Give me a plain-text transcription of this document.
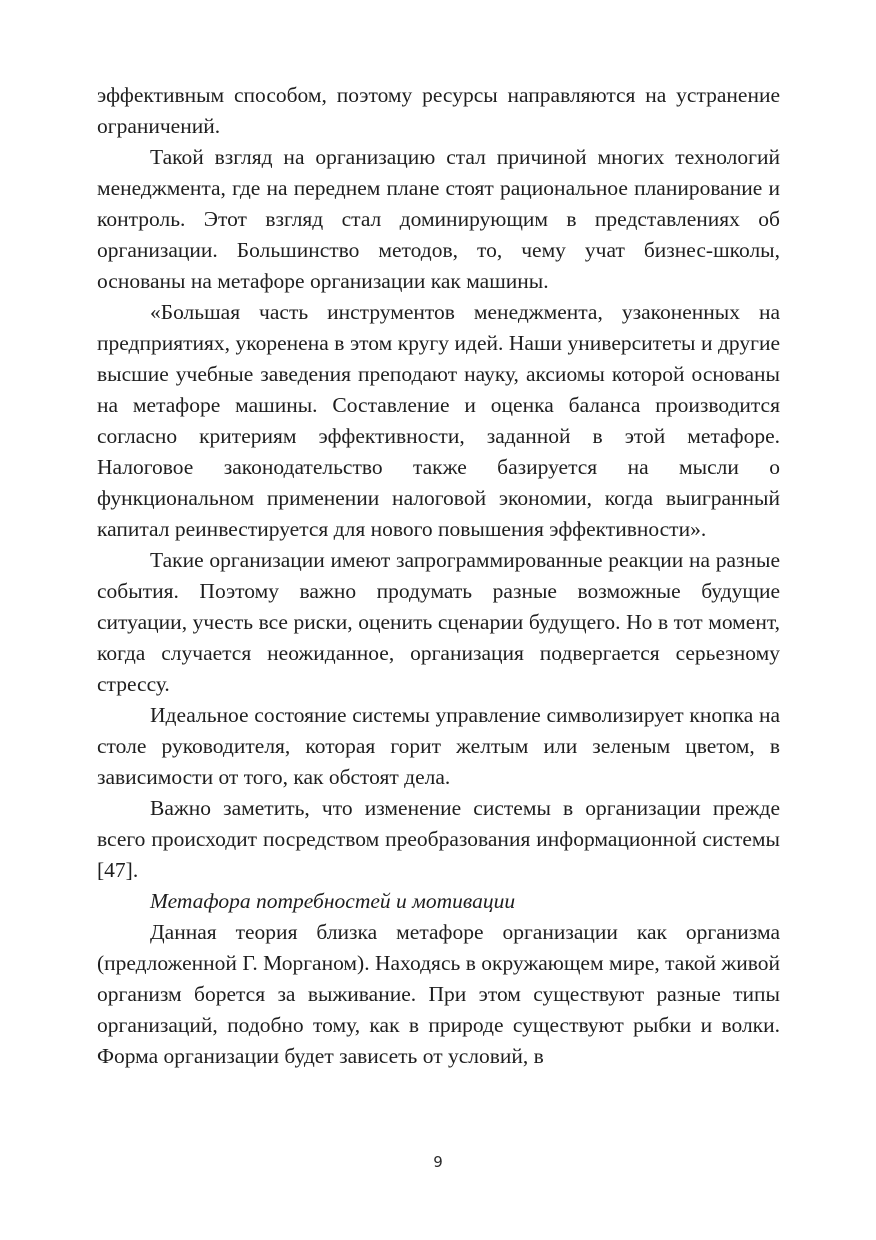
эффективным способом, поэтому ресурсы направляются на устранение ограничений.

Такой взгляд на организацию стал причиной многих технологий менеджмента, где на переднем плане стоят рациональное планирование и контроль. Этот взгляд стал доминирующим в представлениях об организации. Большинство методов, то, чему учат бизнес-школы, основаны на метафоре организации как машины.

«Большая часть инструментов менеджмента, узаконенных на предприятиях, укоренена в этом кругу идей. Наши университеты и другие высшие учебные заведения преподают науку, аксиомы которой основаны на метафоре машины. Составление и оценка баланса производится согласно критериям эффективности, заданной в этой метафоре. Налоговое законодательство также базируется на мысли о функциональном применении налоговой экономии, когда выигранный капитал реинвестируется для нового повышения эффективности».

Такие организации имеют запрограммированные реакции на разные события. Поэтому важно продумать разные возможные будущие ситуации, учесть все риски, оценить сценарии будущего. Но в тот момент, когда случается неожиданное, организация подвергается серьезному стрессу.

Идеальное состояние системы управление символизирует кнопка на столе руководителя, которая горит желтым или зеленым цветом, в зависимости от того, как обстоят дела.

Важно заметить, что изменение системы в организации прежде всего происходит посредством преобразования информационной системы [47].

Метафора потребностей и мотивации

Данная теория близка метафоре организации как организма (предложенной Г. Морганом). Находясь в окружающем мире, такой живой организм борется за выживание. При этом существуют разные типы организаций, подобно тому, как в природе существуют рыбки и волки. Форма организации будет зависеть от условий, в

9
